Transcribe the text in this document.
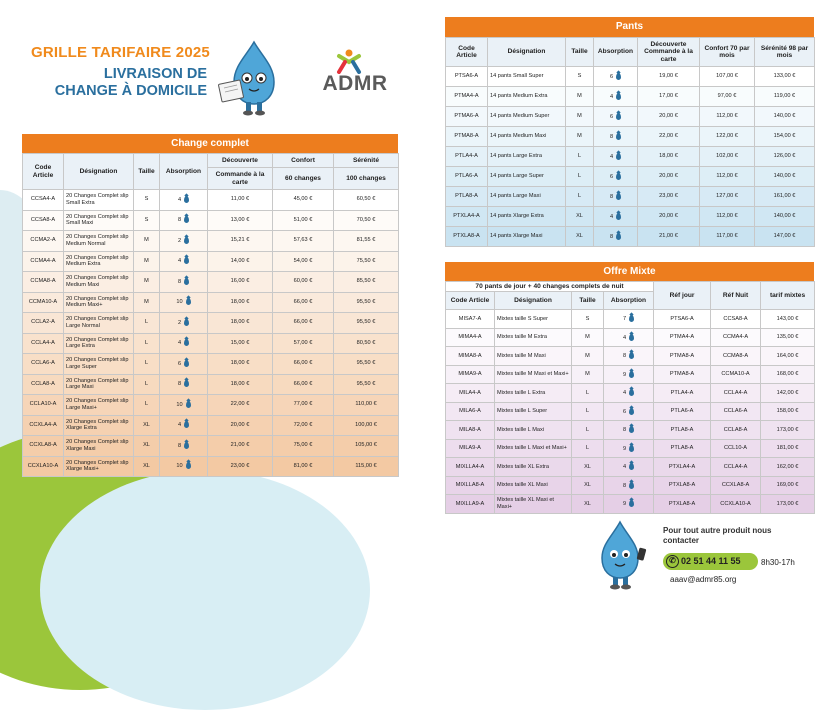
GRILLE TARIFAIRE 2025
LIVRAISON DE
CHANGE À DOMICILE	ADMR
Change complet
Code Article	Désignation	Taille	Absorption	Découverte	Confort	Sérénité
				Commande à la carte	60 changes	100 changes
CCSA4-A	20 Changes Complet slip Small Extra	S	4	11,00 €	45,00 €	60,50 €
CCSA8-A	20 Changes Complet slip Small Maxi	S	8	13,00 €	51,00 €	70,50 €
CCMA2-A	20 Changes Complet slip Medium Normal	M	2	15,21 €	57,63 €	81,55 €
CCMA4-A	20 Changes Complet slip Medium Extra	M	4	14,00 €	54,00 €	75,50 €
CCMA8-A	20 Changes Complet slip Medium Maxi	M	8	16,00 €	60,00 €	85,50 €
CCMA10-A	20 Changes Complet slip Medium Maxi+	M	10	18,00 €	66,00 €	95,50 €
CCLA2-A	20 Changes Complet slip Large Normal	L	2	18,00 €	66,00 €	95,50 €
CCLA4-A	20 Changes Complet slip Large Extra	L	4	15,00 €	57,00 €	80,50 €
CCLA6-A	20 Changes Complet slip Large Super	L	6	18,00 €	66,00 €	95,50 €
CCLA8-A	20 Changes Complet slip Large Maxi	L	8	18,00 €	66,00 €	95,50 €
CCLA10-A	20 Changes Complet slip Large Maxi+	L	10	22,00 €	77,00 €	110,00 €
CCXLA4-A	20 Changes Complet slip Xlarge Extra	XL	4	20,00 €	72,00 €	100,00 €
CCXLA8-A	20 Changes Complet slip Xlarge Maxi	XL	8	21,00 €	75,00 €	105,00 €
CCXLA10-A	20 Changes Complet slip Xlarge Maxi+	XL	10	23,00 €	81,00 €	115,00 €
Pants
Code Article	Désignation	Taille	Absorption	Découverte Commande à la carte	Confort 70 par mois	Sérénité 98 par mois
PTSA6-A	14 pants Small Super	S	6	19,00 €	107,00 €	133,00 €
PTMA4-A	14 pants Medium Extra	M	4	17,00 €	97,00 €	119,00 €
PTMA6-A	14 pants Medium Super	M	6	20,00 €	112,00 €	140,00 €
PTMA8-A	14 pants Medium Maxi	M	8	22,00 €	122,00 €	154,00 €
PTLA4-A	14 pants Large Extra	L	4	18,00 €	102,00 €	126,00 €
PTLA6-A	14 pants Large Super	L	6	20,00 €	112,00 €	140,00 €
PTLA8-A	14 pants Large Maxi	L	8	23,00 €	127,00 €	161,00 €
PTXLA4-A	14 pants Xlarge Extra	XL	4	20,00 €	112,00 €	140,00 €
PTXLA8-A	14 pants Xlarge Maxi	XL	8	21,00 €	117,00 €	147,00 €
Offre Mixte
70 pants de jour + 40 changes complets de nuit				Réf jour	Réf Nuit	tarif mixtes
Code Article	Désignation	Taille	Absorption			
MISA7-A	Mixtes taille S Super	S	7	PTSA6-A	CCSA8-A	143,00 €
MIMA4-A	Mixtes taille M Extra	M	4	PTMA4-A	CCMA4-A	135,00 €
MIMA8-A	Mixtes taille M Maxi	M	8	PTMA8-A	CCMA8-A	164,00 €
MIMA9-A	Mixtes taille M Maxi et Maxi+	M	9	PTMA8-A	CCMA10-A	168,00 €
MILA4-A	Mixtes taille L Extra	L	4	PTLA4-A	CCLA4-A	142,00 €
MILA6-A	Mixtes taille L Super	L	6	PTLA6-A	CCLA6-A	158,00 €
MILA8-A	Mixtes taille L Maxi	L	8	PTLA8-A	CCLA8-A	173,00 €
MILA9-A	Mixtes taille L Maxi et Maxi+	L	9	PTLA8-A	CCL10-A	181,00 €
MIXLLA4-A	Mixtes taille XL Extra	XL	4	PTXLA4-A	CCLA4-A	162,00 €
MIXLLA8-A	Mixtes taille XL Maxi	XL	8	PTXLA8-A	CCXLA8-A	169,00 €
MIXLLA9-A	Mixtes taille XL Maxi et Maxi+	XL	9	PTXLA8-A	CCXLA10-A	173,00 €
Pour tout autre produit nous contacter
✆ 02 51 44 11 55	8h30-17h
aaav@admr85.org
